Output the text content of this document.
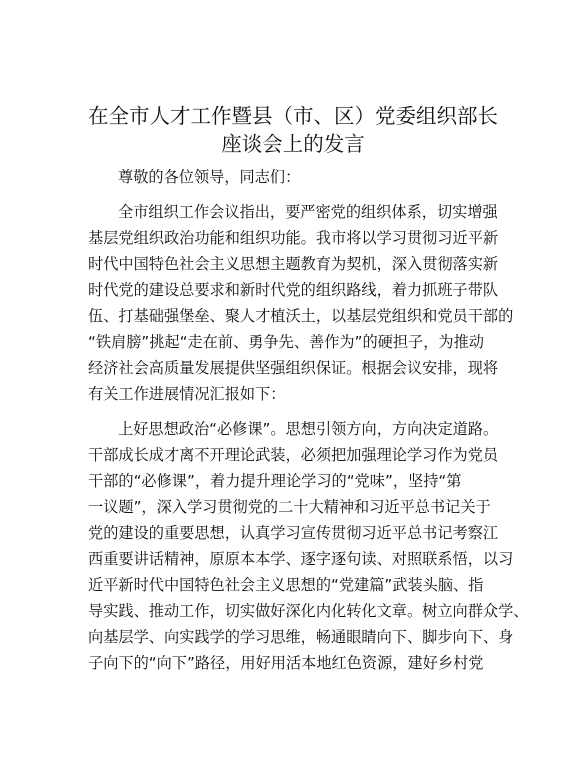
在全市人才工作暨县（市、区）党委组织部长
座谈会上的发言

尊敬的各位领导，同志们：

全市组织工作会议指出，要严密党的组织体系，切实增强

基层党组织政治功能和组织功能。我市将以学习贯彻习近平新

时代中国特色社会主义思想主题教育为契机，深入贯彻落实新

时代党的建设总要求和新时代党的组织路线，着力抓班子带队

伍、打基础强堡垒、聚人才植沃土，以基层党组织和党员干部的

“铁肩膀”挑起“走在前、勇争先、善作为”的硬担子，为推动

经济社会高质量发展提供坚强组织保证。根据会议安排，现将

有关工作进展情况汇报如下：

上好思想政治“必修课”。思想引领方向，方向决定道路。

干部成长成才离不开理论武装，必须把加强理论学习作为党员

干部的“必修课”，着力提升理论学习的“党味”，坚持“第

一议题”，深入学习贯彻党的二十大精神和习近平总书记关于

党的建设的重要思想，认真学习宣传贯彻习近平总书记考察江

西重要讲话精神，原原本本学、逐字逐句读、对照联系悟，以习

近平新时代中国特色社会主义思想的“党建篇”武装头脑、指

导实践、推动工作，切实做好深化内化转化文章。树立向群众学、

向基层学、向实践学的学习思维，畅通眼睛向下、脚步向下、身

子向下的“向下”路径，用好用活本地红色资源，建好乡村党
